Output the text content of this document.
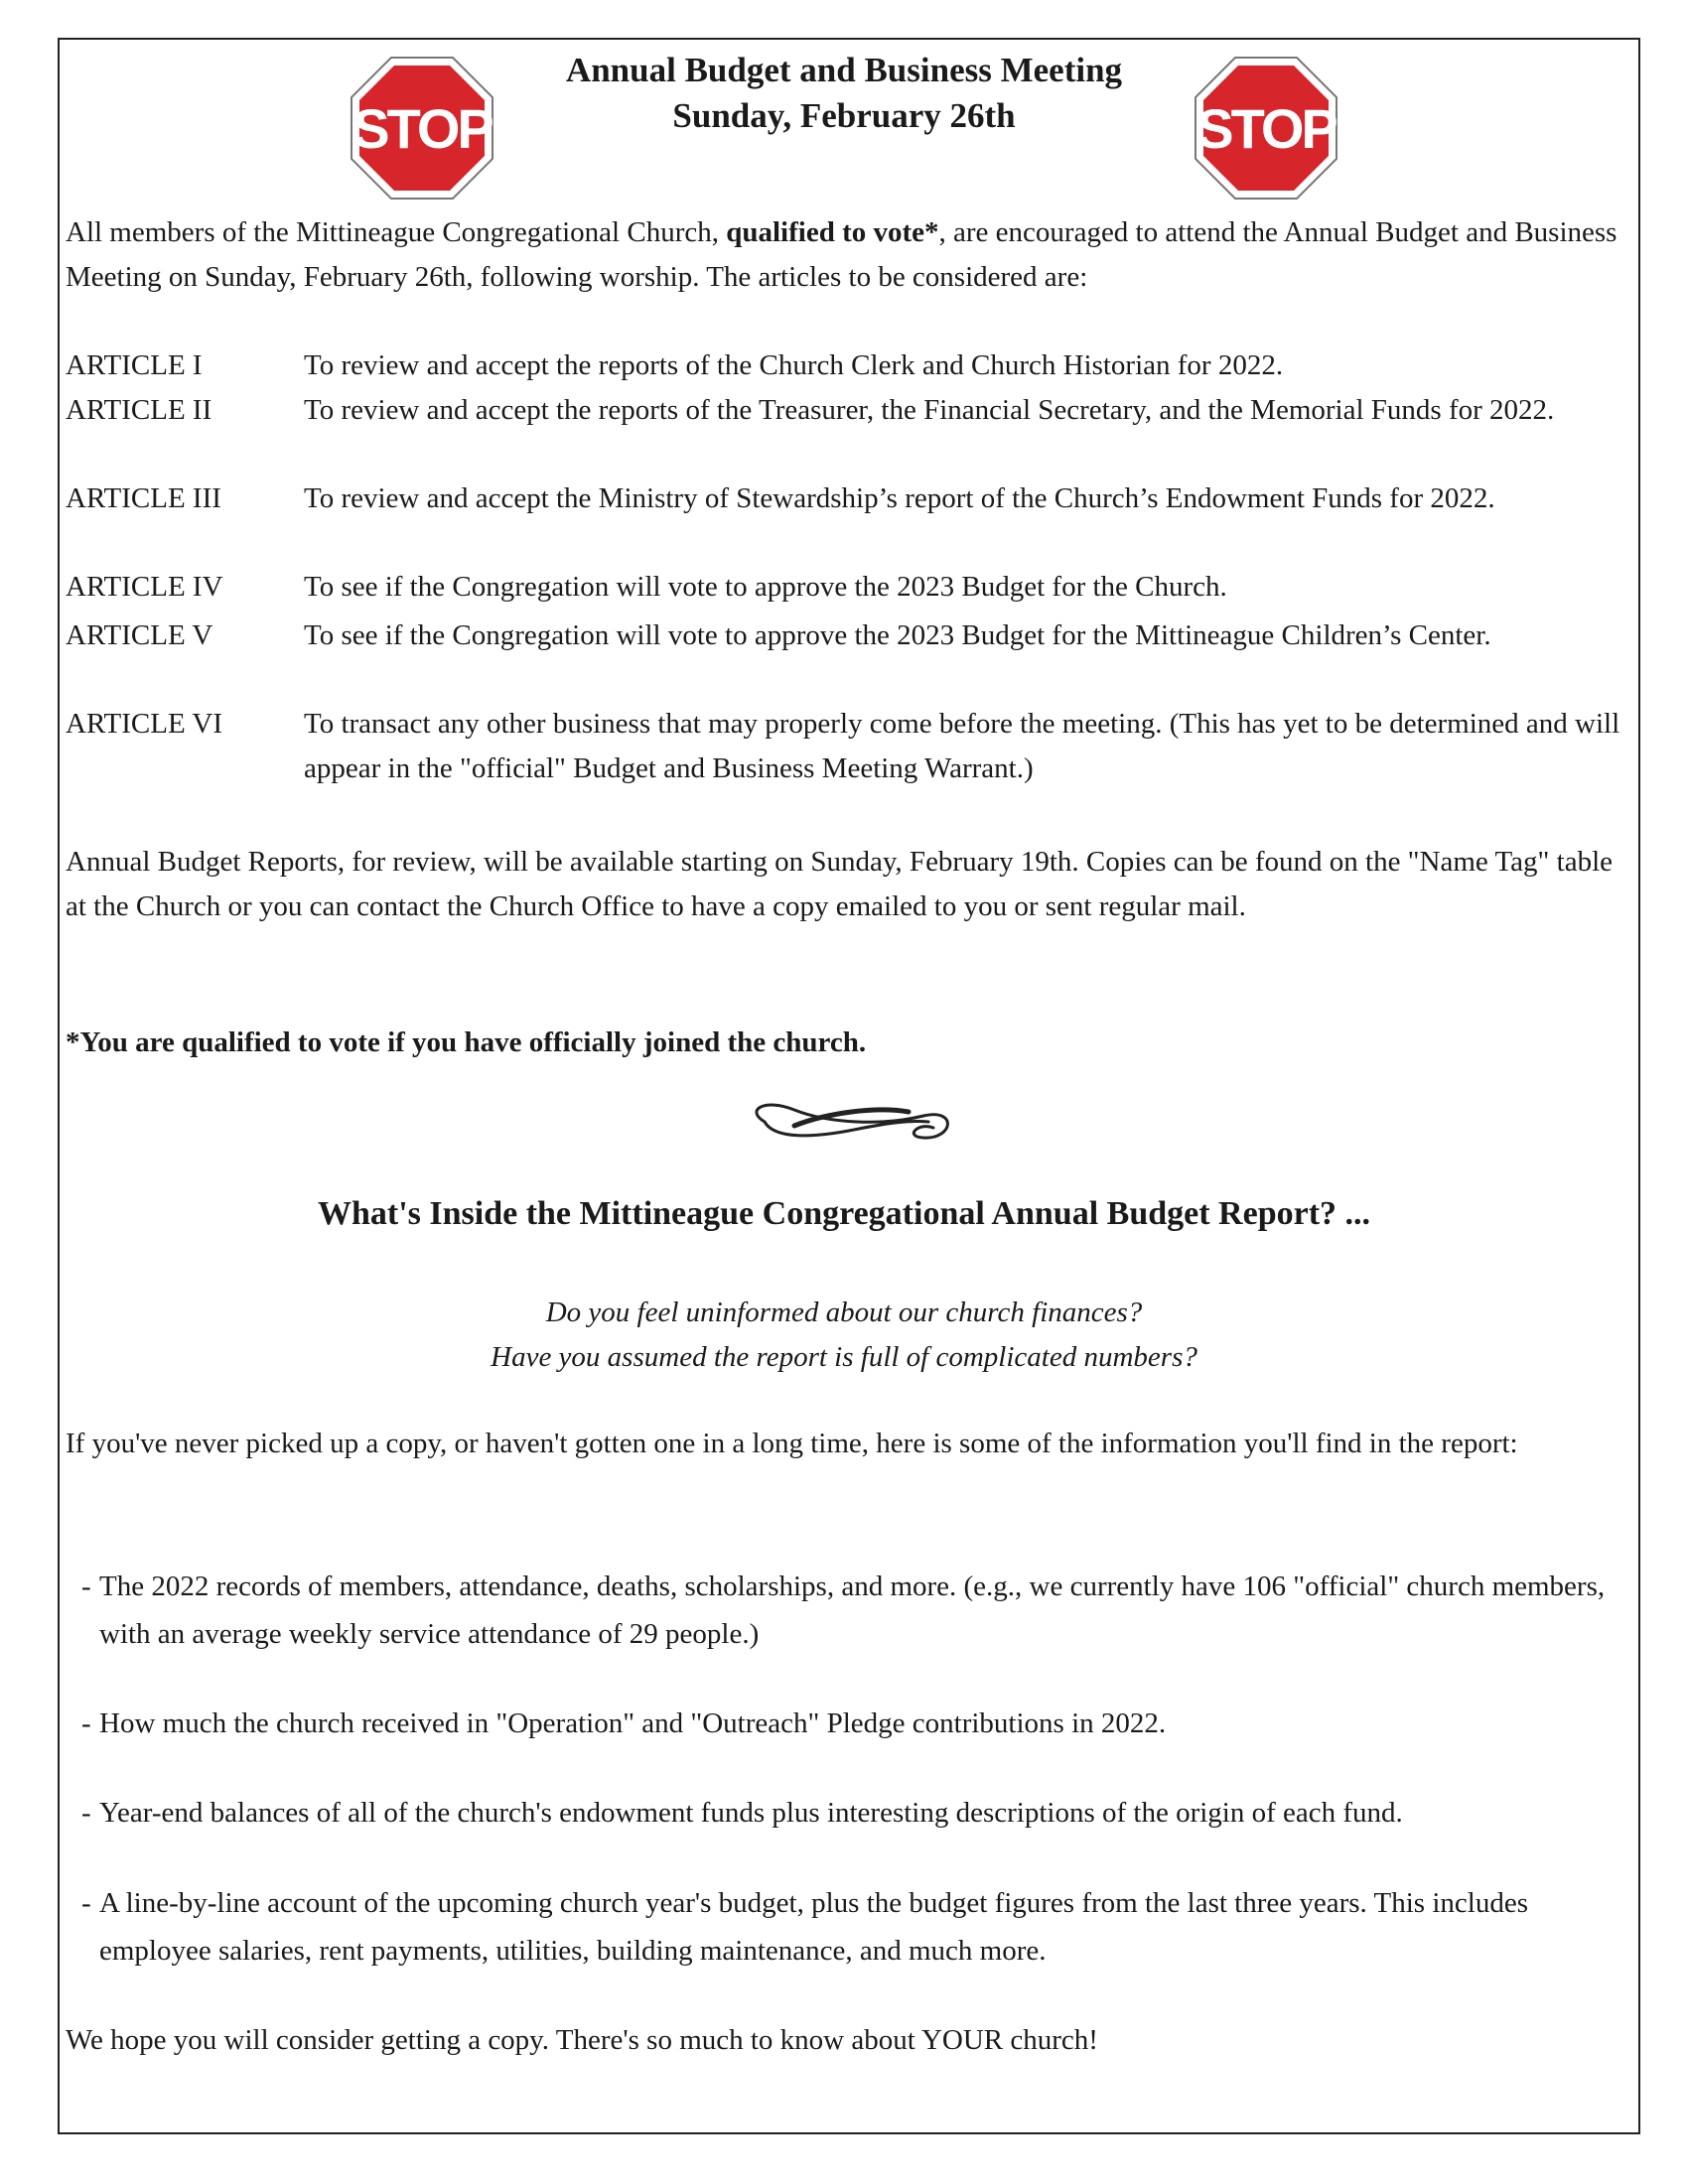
STOP	STOP
Annual Budget and Business Meeting
Sunday, February 26th
All members of the Mittineague Congregational Church, qualified to vote*, are encouraged to attend the Annual Budget and Business Meeting on Sunday, February 26th, following worship. The articles to be considered are:
ARTICLE I	To review and accept the reports of the Church Clerk and Church Historian for 2022.
ARTICLE II	To review and accept the reports of the Treasurer, the Financial Secretary, and the Memorial Funds for 2022.
ARTICLE III	To review and accept the Ministry of Stewardship’s report of the Church’s Endowment Funds for 2022.
ARTICLE IV	To see if the Congregation will vote to approve the 2023 Budget for the Church.
ARTICLE V	To see if the Congregation will vote to approve the 2023 Budget for the Mittineague Children’s Center.
ARTICLE VI	To transact any other business that may properly come before the meeting. (This has yet to be determined and will appear in the "official" Budget and Business Meeting Warrant.)
Annual Budget Reports, for review, will be available starting on Sunday, February 19th. Copies can be found on the "Name Tag" table at the Church or you can contact the Church Office to have a copy emailed to you or sent regular mail.
*You are qualified to vote if you have officially joined the church.
What's Inside the Mittineague Congregational Annual Budget Report? ...
Do you feel uninformed about our church finances?
Have you assumed the report is full of complicated numbers?
If you've never picked up a copy, or haven't gotten one in a long time, here is some of the information you'll find in the report:
- The 2022 records of members, attendance, deaths, scholarships, and more. (e.g., we currently have 106 "official" church members, with an average weekly service attendance of 29 people.)
- How much the church received in "Operation" and "Outreach" Pledge contributions in 2022.
- Year-end balances of all of the church's endowment funds plus interesting descriptions of the origin of each fund.
- A line-by-line account of the upcoming church year's budget, plus the budget figures from the last three years. This includes employee salaries, rent payments, utilities, building maintenance, and much more.
We hope you will consider getting a copy. There's so much to know about YOUR church!
